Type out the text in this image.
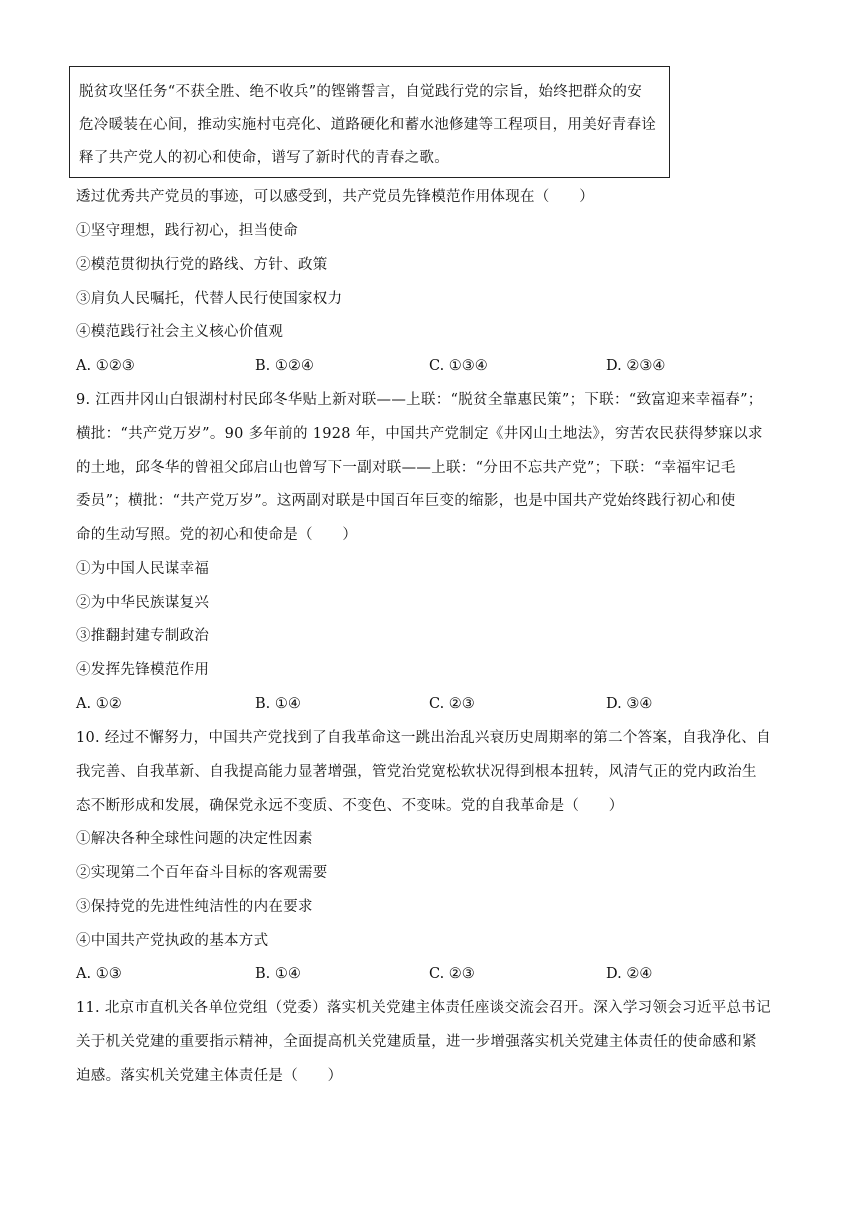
脱贫攻坚任务“不获全胜、绝不收兵”的铿锵誓言，自觉践行党的宗旨，始终把群众的安
危冷暖装在心间，推动实施村屯亮化、道路硬化和蓄水池修建等工程项目，用美好青春诠
释了共产党人的初心和使命，谱写了新时代的青春之歌。
透过优秀共产党员的事迹，可以感受到，共产党员先锋模范作用体现在（　　）
①坚守理想，践行初心，担当使命
②模范贯彻执行党的路线、方针、政策
③肩负人民嘱托，代替人民行使国家权力
④模范践行社会主义核心价值观
A. ①②③	B. ①②④	C. ①③④	D. ②③④
9. 江西井冈山白银湖村村民邱冬华贴上新对联——上联：“脱贫全靠惠民策”；下联：“致富迎来幸福春”；
横批：“共产党万岁”。90 多年前的 1928 年，中国共产党制定《井冈山土地法》，穷苦农民获得梦寐以求
的土地，邱冬华的曾祖父邱启山也曾写下一副对联——上联：“分田不忘共产党”；下联：“幸福牢记毛
委员”；横批：“共产党万岁”。这两副对联是中国百年巨变的缩影，也是中国共产党始终践行初心和使
命的生动写照。党的初心和使命是（　　）
①为中国人民谋幸福
②为中华民族谋复兴
③推翻封建专制政治
④发挥先锋模范作用
A. ①②	B. ①④	C. ②③	D. ③④
10. 经过不懈努力，中国共产党找到了自我革命这一跳出治乱兴衰历史周期率的第二个答案，自我净化、自
我完善、自我革新、自我提高能力显著增强，管党治党宽松软状况得到根本扭转，风清气正的党内政治生
态不断形成和发展，确保党永远不变质、不变色、不变味。党的自我革命是（　　）
①解决各种全球性问题的决定性因素
②实现第二个百年奋斗目标的客观需要
③保持党的先进性纯洁性的内在要求
④中国共产党执政的基本方式
A. ①③	B. ①④	C. ②③	D. ②④
11. 北京市直机关各单位党组（党委）落实机关党建主体责任座谈交流会召开。深入学习领会习近平总书记
关于机关党建的重要指示精神，全面提高机关党建质量，进一步增强落实机关党建主体责任的使命感和紧
迫感。落实机关党建主体责任是（　　）
